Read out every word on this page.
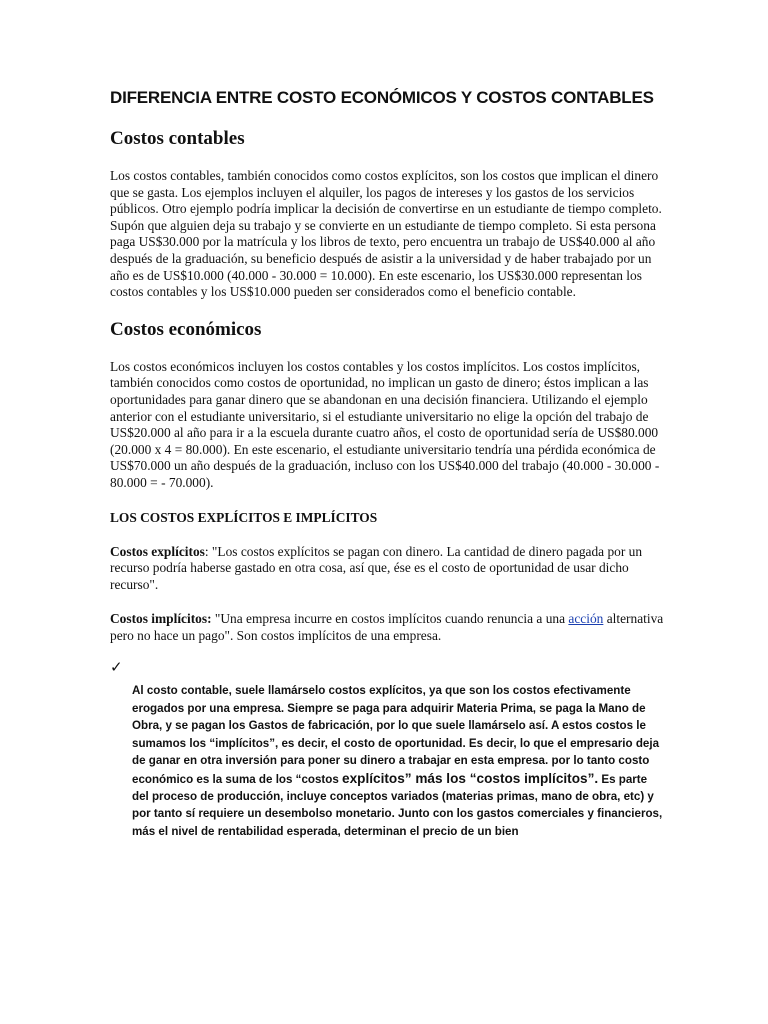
DIFERENCIA ENTRE COSTO ECONÓMICOS Y COSTOS CONTABLES
Costos contables

Los costos contables, también conocidos como costos explícitos, son los costos que implican el dinero que se gasta. Los ejemplos incluyen el alquiler, los pagos de intereses y los gastos de los servicios públicos. Otro ejemplo podría implicar la decisión de convertirse en un estudiante de tiempo completo. Supón que alguien deja su trabajo y se convierte en un estudiante de tiempo completo. Si esta persona paga US$30.000 por la matrícula y los libros de texto, pero encuentra un trabajo de US$40.000 al año después de la graduación, su beneficio después de asistir a la universidad y de haber trabajado por un año es de US$10.000 (40.000 - 30.000 = 10.000). En este escenario, los US$30.000 representan los costos contables y los US$10.000 pueden ser considerados como el beneficio contable.

Costos económicos

Los costos económicos incluyen los costos contables y los costos implícitos. Los costos implícitos, también conocidos como costos de oportunidad, no implican un gasto de dinero; éstos implican a las oportunidades para ganar dinero que se abandonan en una decisión financiera. Utilizando el ejemplo anterior con el estudiante universitario, si el estudiante universitario no elige la opción del trabajo de US$20.000 al año para ir a la escuela durante cuatro años, el costo de oportunidad sería de US$80.000 (20.000 x 4 = 80.000). En este escenario, el estudiante universitario tendría una pérdida económica de US$70.000 un año después de la graduación, incluso con los US$40.000 del trabajo (40.000 - 30.000 - 80.000 = - 70.000).

LOS COSTOS EXPLÍCITOS E IMPLÍCITOS

Costos explícitos: "Los costos explícitos se pagan con dinero. La cantidad de dinero pagada por un recurso podría haberse gastado en otra cosa, así que, ése es el costo de oportunidad de usar dicho recurso".

Costos implícitos: "Una empresa incurre en costos implícitos cuando renuncia a una acción alternativa pero no hace un pago". Son costos implícitos de una empresa.

✓

Al costo contable, suele llamárselo costos explícitos, ya que son los costos efectivamente erogados por una empresa. Siempre se paga para adquirir Materia Prima, se paga la Mano de Obra, y se pagan los Gastos de fabricación, por lo que suele llamárselo así. A estos costos le sumamos los “implícitos”, es decir, el costo de oportunidad. Es decir, lo que el empresario deja de ganar en otra inversión para poner su dinero a trabajar en esta empresa. por lo tanto costo económico es la suma de los “costos explícitos” más los “costos implícitos”. Es parte del proceso de producción, incluye conceptos variados (materias primas, mano de obra, etc) y por tanto sí requiere un desembolso monetario. Junto con los gastos comerciales y financieros, más el nivel de rentabilidad esperada, determinan el precio de un bien
